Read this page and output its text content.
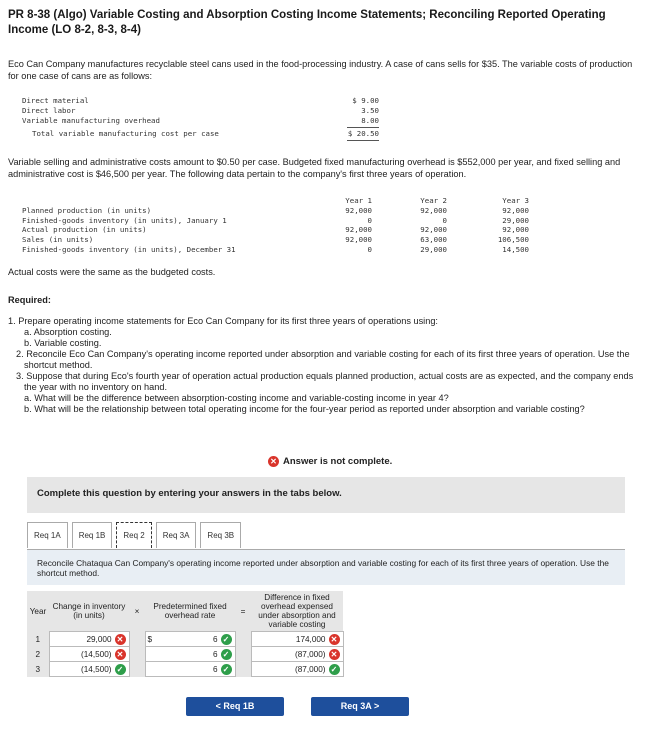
PR 8-38 (Algo) Variable Costing and Absorption Costing Income Statements; Reconciling Reported Operating Income (LO 8-2, 8-3, 8-4)
Eco Can Company manufactures recyclable steel cans used in the food-processing industry. A case of cans sells for $35. The variable costs of production for one case of cans are as follows:
Direct material	$ 9.00
Direct labor	3.50
Variable manufacturing overhead	8.00
Total variable manufacturing cost per case	$ 20.50
Variable selling and administrative costs amount to $0.50 per case. Budgeted fixed manufacturing overhead is $552,000 per year, and fixed selling and administrative cost is $46,500 per year. The following data pertain to the company's first three years of operation.
Year 1	Year 2	Year 3
Planned production (in units)	92,000	92,000	92,000
Finished-goods inventory (in units), January 1	0	0	29,000
Actual production (in units)	92,000	92,000	92,000
Sales (in units)	92,000	63,000	106,500
Finished-goods inventory (in units), December 31	0	29,000	14,500
Actual costs were the same as the budgeted costs.
Required:
1. Prepare operating income statements for Eco Can Company for its first three years of operations using:
a. Absorption costing.
b. Variable costing.
2. Reconcile Eco Can Company's operating income reported under absorption and variable costing for each of its first three years of operation. Use the shortcut method.
3. Suppose that during Eco's fourth year of operation actual production equals planned production, actual costs are as expected, and the company ends the year with no inventory on hand.
a. What will be the difference between absorption-costing income and variable-costing income in year 4?
b. What will be the relationship between total operating income for the four-year period as reported under absorption and variable costing?
✕ Answer is not complete.
Complete this question by entering your answers in the tabs below.
Req 1A	Req 1B	Req 2	Req 3A	Req 3B
Reconcile Chataqua Can Company's operating income reported under absorption and variable costing for each of its first three years of operation. Use the shortcut method.
Year	Change in inventory (in units)	×	Predetermined fixed overhead rate	=	Difference in fixed overhead expensed under absorption and variable costing
1	29,000 ✕		$ 6 ✓		174,000 ✕

2	(14,500) ✕		6 ✓		(87,000) ✕

3	(14,500) ✓		6 ✓		(87,000) ✓
< Req 1B	Req 3A >
